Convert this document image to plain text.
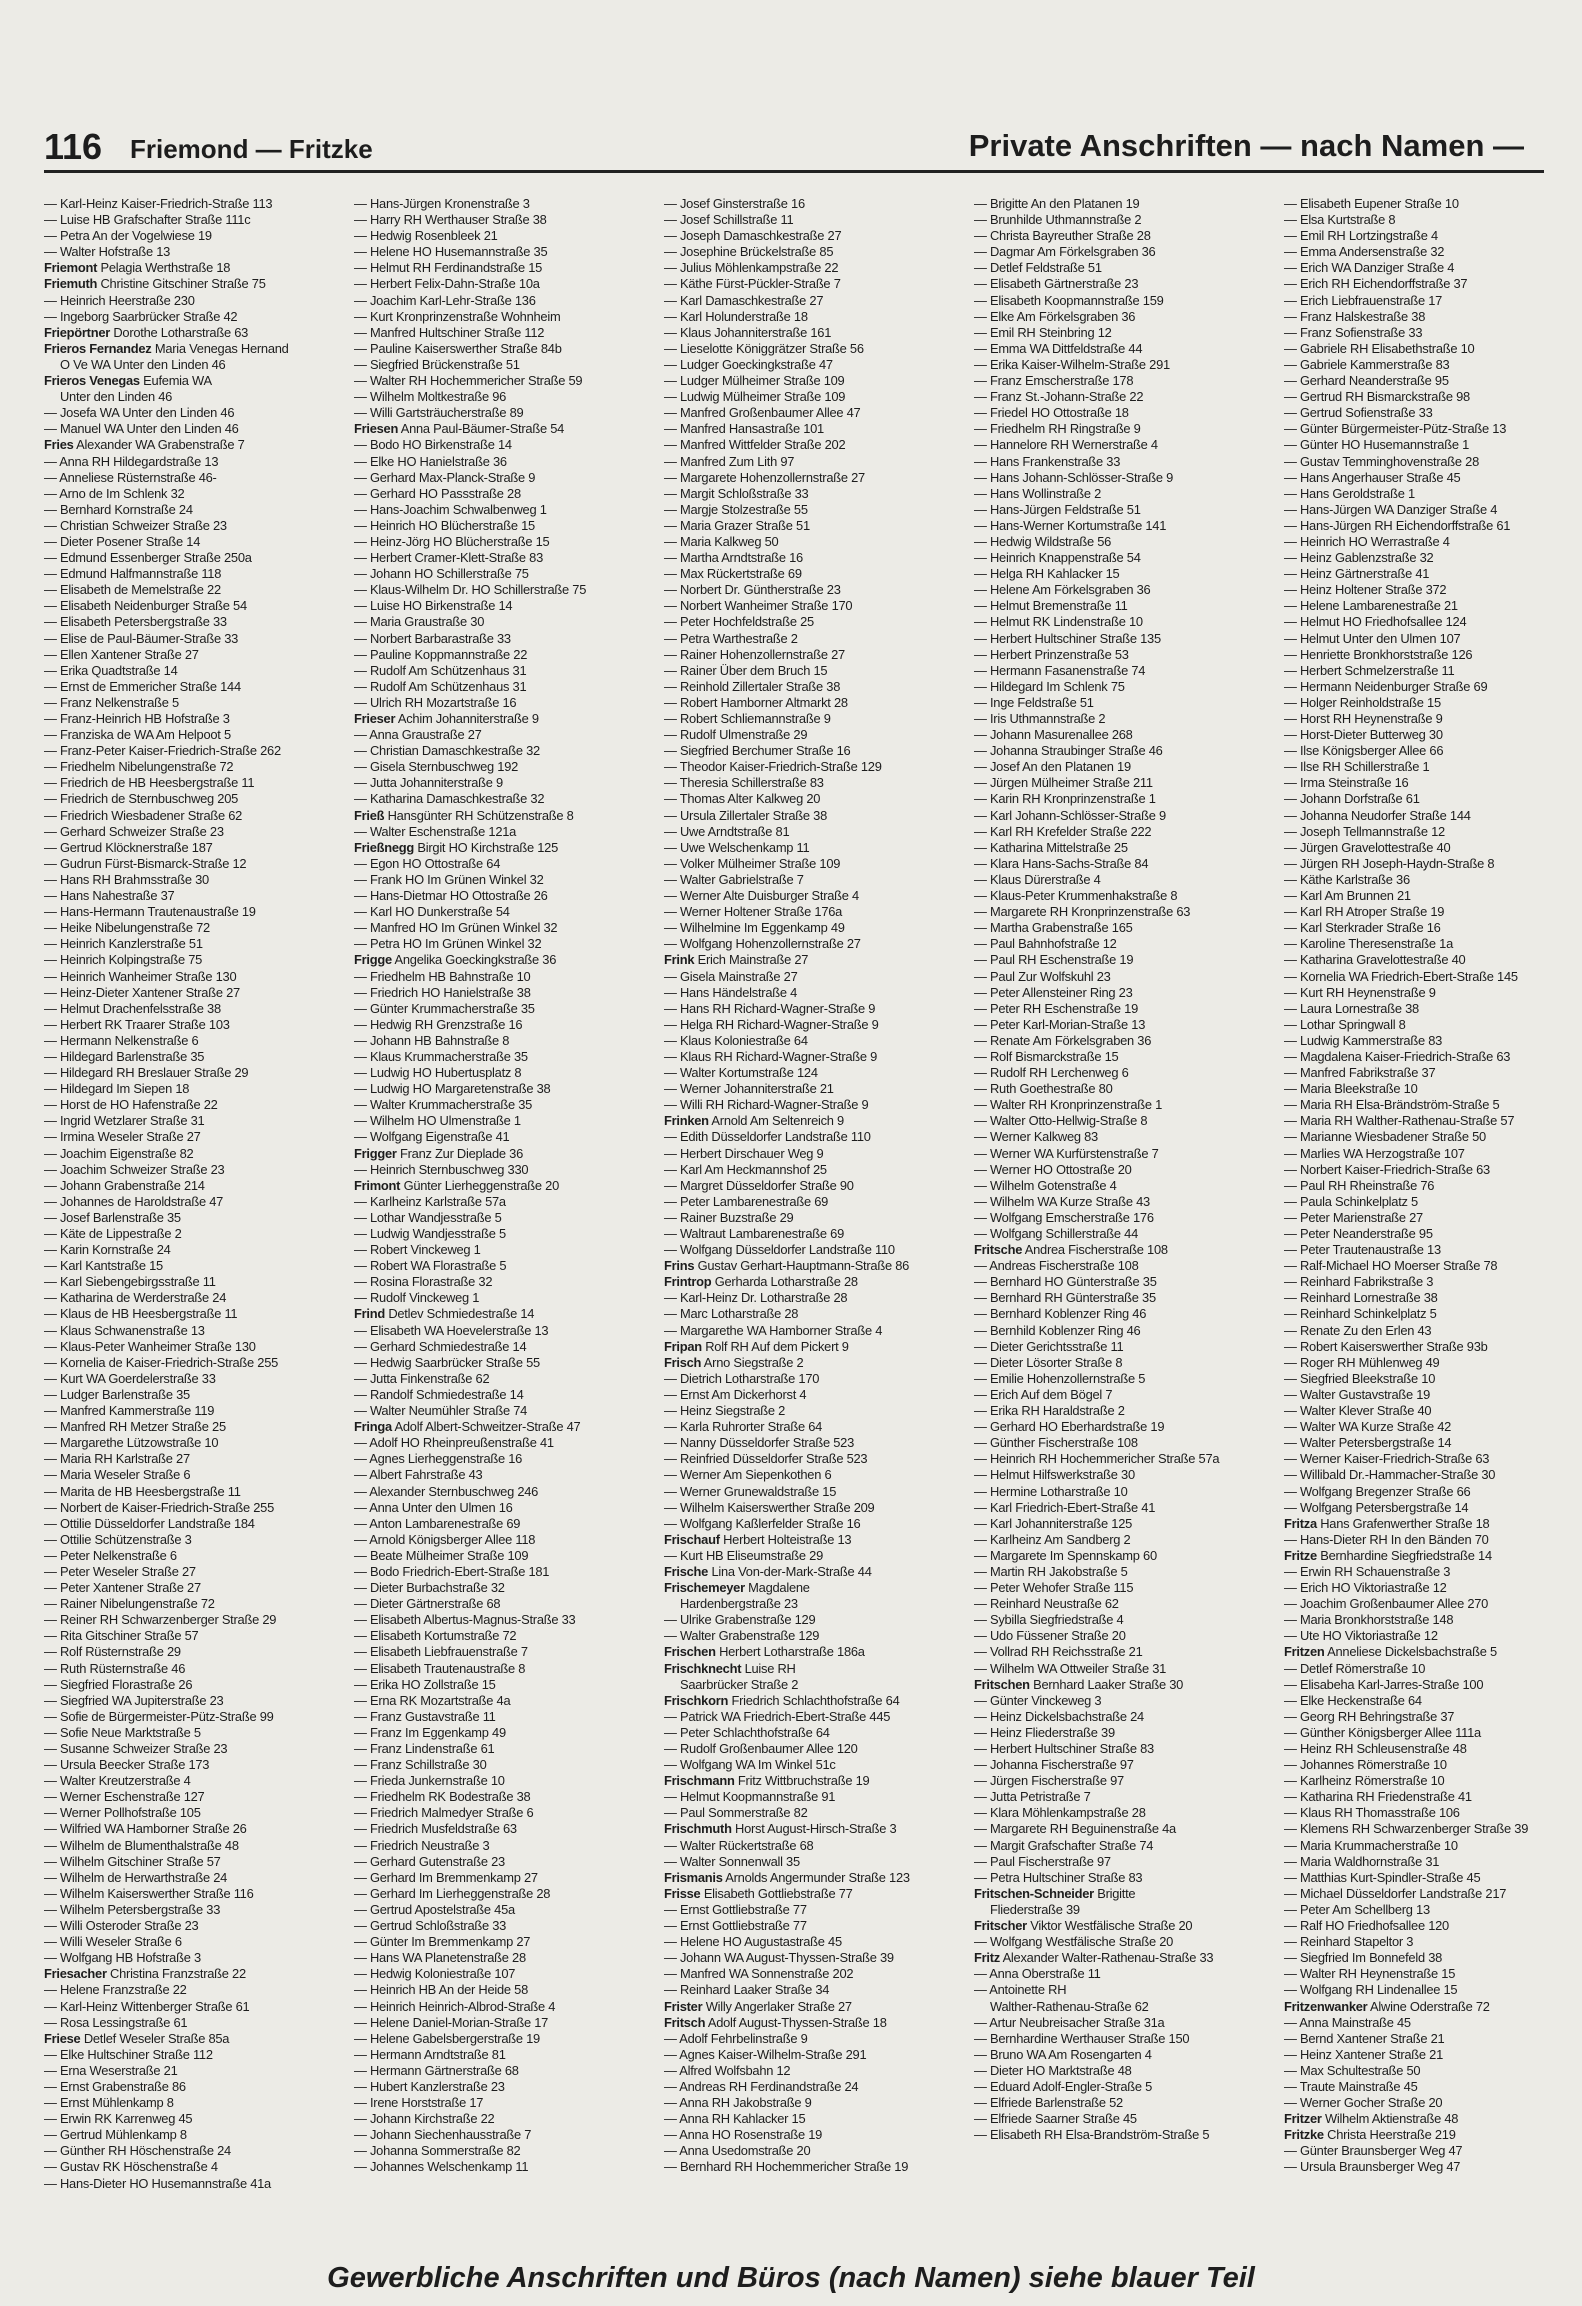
116 Friemond — Fritzke	Private Anschriften — nach Namen —
— Karl-Heinz Kaiser-Friedrich-Straße 113
— Luise HB Grafschafter Straße 111c
— Petra An der Vogelwiese 19
— Walter Hofstraße 13
Friemont Pelagia Werthstraße 18
Friemuth Christine Gitschiner Straße 75
— Heinrich Heerstraße 230
— Ingeborg Saarbrücker Straße 42
Friepörtner Dorothe Lotharstraße 63
Frieros Fernandez Maria Venegas Hernand
O Ve WA Unter den Linden 46
Frieros Venegas Eufemia WA
Unter den Linden 46
— Josefa WA Unter den Linden 46
— Manuel WA Unter den Linden 46
Fries Alexander WA Grabenstraße 7
— Anna RH Hildegardstraße 13
— Anneliese Rüsternstraße 46-
— Arno de Im Schlenk 32
— Bernhard Kornstraße 24
— Christian Schweizer Straße 23
— Dieter Posener Straße 14
— Edmund Essenberger Straße 250a
— Edmund Halfmannstraße 118
— Elisabeth de Memelstraße 22
— Elisabeth Neidenburger Straße 54
— Elisabeth Petersbergstraße 33
— Elise de Paul-Bäumer-Straße 33
— Ellen Xantener Straße 27
— Erika Quadtstraße 14
— Ernst de Emmericher Straße 144
— Franz Nelkenstraße 5
— Franz-Heinrich HB Hofstraße 3
— Franziska de WA Am Helpoot 5
— Franz-Peter Kaiser-Friedrich-Straße 262
— Friedhelm Nibelungenstraße 72
— Friedrich de HB Heesbergstraße 11
— Friedrich de Sternbuschweg 205
— Friedrich Wiesbadener Straße 62
— Gerhard Schweizer Straße 23
— Gertrud Klöcknerstraße 187
— Gudrun Fürst-Bismarck-Straße 12
— Hans RH Brahmsstraße 30
— Hans Nahestraße 37
— Hans-Hermann Trautenaustraße 19
— Heike Nibelungenstraße 72
— Heinrich Kanzlerstraße 51
— Heinrich Kolpingstraße 75
— Heinrich Wanheimer Straße 130
— Heinz-Dieter Xantener Straße 27
— Helmut Drachenfelsstraße 38
— Herbert RK Traarer Straße 103
— Hermann Nelkenstraße 6
— Hildegard Barlenstraße 35
— Hildegard RH Breslauer Straße 29
— Hildegard Im Siepen 18
— Horst de HO Hafenstraße 22
— Ingrid Wetzlarer Straße 31
— Irmina Weseler Straße 27
— Joachim Eigenstraße 82
— Joachim Schweizer Straße 23
— Johann Grabenstraße 214
— Johannes de Haroldstraße 47
— Josef Barlenstraße 35
— Käte de Lippestraße 2
— Karin Kornstraße 24
— Karl Kantstraße 15
— Karl Siebengebirgsstraße 11
— Katharina de Werderstraße 24
— Klaus de HB Heesbergstraße 11
— Klaus Schwanenstraße 13
— Klaus-Peter Wanheimer Straße 130
— Kornelia de Kaiser-Friedrich-Straße 255
— Kurt WA Goerdelerstraße 33
— Ludger Barlenstraße 35
— Manfred Kammerstraße 119
— Manfred RH Metzer Straße 25
— Margarethe Lützowstraße 10
— Maria RH Karlstraße 27
— Maria Weseler Straße 6
— Marita de HB Heesbergstraße 11
— Norbert de Kaiser-Friedrich-Straße 255
— Ottilie Düsseldorfer Landstraße 184
— Ottilie Schützenstraße 3
— Peter Nelkenstraße 6
— Peter Weseler Straße 27
— Peter Xantener Straße 27
— Rainer Nibelungenstraße 72
— Reiner RH Schwarzenberger Straße 29
— Rita Gitschiner Straße 57
— Rolf Rüsternstraße 29
— Ruth Rüsternstraße 46
— Siegfried Florastraße 26
— Siegfried WA Jupiterstraße 23
— Sofie de Bürgermeister-Pütz-Straße 99
— Sofie Neue Marktstraße 5
— Susanne Schweizer Straße 23
— Ursula Beecker Straße 173
— Walter Kreutzerstraße 4
— Werner Eschenstraße 127
— Werner Pollhofstraße 105
— Wilfried WA Hamborner Straße 26
— Wilhelm de Blumenthalstraße 48
— Wilhelm Gitschiner Straße 57
— Wilhelm de Herwarthstraße 24
— Wilhelm Kaiserswerther Straße 116
— Wilhelm Petersbergstraße 33
— Willi Osteroder Straße 23
— Willi Weseler Straße 6
— Wolfgang HB Hofstraße 3
Friesacher Christina Franzstraße 22
— Helene Franzstraße 22
— Karl-Heinz Wittenberger Straße 61
— Rosa Lessingstraße 61
Friese Detlef Weseler Straße 85a
— Elke Hultschiner Straße 112
— Erna Weserstraße 21
— Ernst Grabenstraße 86
— Ernst Mühlenkamp 8
— Erwin RK Karrenweg 45
— Gertrud Mühlenkamp 8
— Günther RH Höschenstraße 24
— Gustav RK Höschenstraße 4
— Hans-Dieter HO Husemannstraße 41a
— Hans-Jürgen Kronenstraße 3
— Harry RH Werthauser Straße 38
— Hedwig Rosenbleek 21
— Helene HO Husemannstraße 35
— Helmut RH Ferdinandstraße 15
— Herbert Felix-Dahn-Straße 10a
— Joachim Karl-Lehr-Straße 136
— Kurt Kronprinzenstraße Wohnheim
— Manfred Hultschiner Straße 112
— Pauline Kaiserswerther Straße 84b
— Siegfried Brückenstraße 51
— Walter RH Hochemmericher Straße 59
— Wilhelm Moltkestraße 96
— Willi Gartsträucherstraße 89
Friesen Anna Paul-Bäumer-Straße 54
— Bodo HO Birkenstraße 14
— Elke HO Hanielstraße 36
— Gerhard Max-Planck-Straße 9
— Gerhard HO Passstraße 28
— Hans-Joachim Schwalbenweg 1
— Heinrich HO Blücherstraße 15
— Heinz-Jörg HO Blücherstraße 15
— Herbert Cramer-Klett-Straße 83
— Johann HO Schillerstraße 75
— Klaus-Wilhelm Dr. HO Schillerstraße 75
— Luise HO Birkenstraße 14
— Maria Graustraße 30
— Norbert Barbarastraße 33
— Pauline Koppmannstraße 22
— Rudolf Am Schützenhaus 31
— Rudolf Am Schützenhaus 31
— Ulrich RH Mozartstraße 16
Frieser Achim Johanniterstraße 9
— Anna Graustraße 27
— Christian Damaschkestraße 32
— Gisela Sternbuschweg 192
— Jutta Johanniterstraße 9
— Katharina Damaschkestraße 32
Frieß Hansgünter RH Schützenstraße 8
— Walter Eschenstraße 121a
Frießnegg Birgit HO Kirchstraße 125
— Egon HO Ottostraße 64
— Frank HO Im Grünen Winkel 32
— Hans-Dietmar HO Ottostraße 26
— Karl HO Dunkerstraße 54
— Manfred HO Im Grünen Winkel 32
— Petra HO Im Grünen Winkel 32
Frigge Angelika Goeckingkstraße 36
— Friedhelm HB Bahnstraße 10
— Friedrich HO Hanielstraße 38
— Günter Krummacherstraße 35
— Hedwig RH Grenzstraße 16
— Johann HB Bahnstraße 8
— Klaus Krummacherstraße 35
— Ludwig HO Hubertusplatz 8
— Ludwig HO Margaretenstraße 38
— Walter Krummacherstraße 35
— Wilhelm HO Ulmenstraße 1
— Wolfgang Eigenstraße 41
Frigger Franz Zur Dieplade 36
— Heinrich Sternbuschweg 330
Frimont Günter Lierheggenstraße 20
— Karlheinz Karlstraße 57a
— Lothar Wandjesstraße 5
— Ludwig Wandjesstraße 5
— Robert Vinckeweg 1
— Robert WA Florastraße 5
— Rosina Florastraße 32
— Rudolf Vinckeweg 1
Frind Detlev Schmiedestraße 14
— Elisabeth WA Hoevelerstraße 13
— Gerhard Schmiedestraße 14
— Hedwig Saarbrücker Straße 55
— Jutta Finkenstraße 62
— Randolf Schmiedestraße 14
— Walter Neumühler Straße 74
Fringa Adolf Albert-Schweitzer-Straße 47
— Adolf HO Rheinpreußenstraße 41
— Agnes Lierheggenstraße 16
— Albert Fahrstraße 43
— Alexander Sternbuschweg 246
— Anna Unter den Ulmen 16
— Anton Lambarenestraße 69
— Arnold Königsberger Allee 118
— Beate Mülheimer Straße 109
— Bodo Friedrich-Ebert-Straße 181
— Dieter Burbachstraße 32
— Dieter Gärtnerstraße 68
— Elisabeth Albertus-Magnus-Straße 33
— Elisabeth Kortumstraße 72
— Elisabeth Liebfrauenstraße 7
— Elisabeth Trautenaustraße 8
— Erika HO Zollstraße 15
— Erna RK Mozartstraße 4a
— Franz Gustavstraße 11
— Franz Im Eggenkamp 49
— Franz Lindenstraße 61
— Franz Schillstraße 30
— Frieda Junkernstraße 10
— Friedhelm RK Bodestraße 38
— Friedrich Malmedyer Straße 6
— Friedrich Musfeldstraße 63
— Friedrich Neustraße 3
— Gerhard Gutenstraße 23
— Gerhard Im Bremmenkamp 27
— Gerhard Im Lierheggenstraße 28
— Gertrud Apostelstraße 45a
— Gertrud Schloßstraße 33
— Günter Im Bremmenkamp 27
— Hans WA Planetenstraße 28
— Hedwig Koloniestraße 107
— Heinrich HB An der Heide 58
— Heinrich Heinrich-Albrod-Straße 4
— Helene Daniel-Morian-Straße 17
— Helene Gabelsbergerstraße 19
— Hermann Arndtstraße 81
— Hermann Gärtnerstraße 68
— Hubert Kanzlerstraße 23
— Irene Horststraße 17
— Johann Kirchstraße 22
— Johann Siechenhausstraße 7
— Johanna Sommerstraße 82
— Johannes Welschenkamp 11
— Josef Ginsterstraße 16
— Josef Schillstraße 11
— Joseph Damaschkestraße 27
— Josephine Brückelstraße 85
— Julius Möhlenkampstraße 22
— Käthe Fürst-Pückler-Straße 7
— Karl Damaschkestraße 27
— Karl Holunderstraße 18
— Klaus Johanniterstraße 161
— Lieselotte Königgrätzer Straße 56
— Ludger Goeckingkstraße 47
— Ludger Mülheimer Straße 109
— Ludwig Mülheimer Straße 109
— Manfred Großenbaumer Allee 47
— Manfred Hansastraße 101
— Manfred Wittfelder Straße 202
— Manfred Zum Lith 97
— Margarete Hohenzollernstraße 27
— Margit Schloßstraße 33
— Margje Stolzestraße 55
— Maria Grazer Straße 51
— Maria Kalkweg 50
— Martha Arndtstraße 16
— Max Rückertstraße 69
— Norbert Dr. Güntherstraße 23
— Norbert Wanheimer Straße 170
— Peter Hochfeldstraße 25
— Petra Warthestraße 2
— Rainer Hohenzollernstraße 27
— Rainer Über dem Bruch 15
— Reinhold Zillertaler Straße 38
— Robert Hamborner Altmarkt 28
— Robert Schliemannstraße 9
— Rudolf Ulmenstraße 29
— Siegfried Berchumer Straße 16
— Theodor Kaiser-Friedrich-Straße 129
— Theresia Schillerstraße 83
— Thomas Alter Kalkweg 20
— Ursula Zillertaler Straße 38
— Uwe Arndtstraße 81
— Uwe Welschenkamp 11
— Volker Mülheimer Straße 109
— Walter Gabrielstraße 7
— Werner Alte Duisburger Straße 4
— Werner Holtener Straße 176a
— Wilhelmine Im Eggenkamp 49
— Wolfgang Hohenzollernstraße 27
Frink Erich Mainstraße 27
— Gisela Mainstraße 27
— Hans Händelstraße 4
— Hans RH Richard-Wagner-Straße 9
— Helga RH Richard-Wagner-Straße 9
— Klaus Koloniestraße 64
— Klaus RH Richard-Wagner-Straße 9
— Walter Kortumstraße 124
— Werner Johanniterstraße 21
— Willi RH Richard-Wagner-Straße 9
Frinken Arnold Am Seltenreich 9
— Edith Düsseldorfer Landstraße 110
— Herbert Dirschauer Weg 9
— Karl Am Heckmannshof 25
— Margret Düsseldorfer Straße 90
— Peter Lambarenestraße 69
— Rainer Buzstraße 29
— Waltraut Lambarenestraße 69
— Wolfgang Düsseldorfer Landstraße 110
Frins Gustav Gerhart-Hauptmann-Straße 86
Frintrop Gerharda Lotharstraße 28
— Karl-Heinz Dr. Lotharstraße 28
— Marc Lotharstraße 28
— Margarethe WA Hamborner Straße 4
Fripan Rolf RH Auf dem Pickert 9
Frisch Arno Siegstraße 2
— Dietrich Lotharstraße 170
— Ernst Am Dickerhorst 4
— Heinz Siegstraße 2
— Karla Ruhrorter Straße 64
— Nanny Düsseldorfer Straße 523
— Reinfried Düsseldorfer Straße 523
— Werner Am Siepenkothen 6
— Werner Grunewaldstraße 15
— Wilhelm Kaiserswerther Straße 209
— Wolfgang Kaßlerfelder Straße 16
Frischauf Herbert Holteistraße 13
— Kurt HB Eliseumstraße 29
Frische Lina Von-der-Mark-Straße 44
Frischemeyer Magdalene
Hardenbergstraße 23
— Ulrike Grabenstraße 129
— Walter Grabenstraße 129
Frischen Herbert Lotharstraße 186a
Frischknecht Luise RH
Saarbrücker Straße 2
Frischkorn Friedrich Schlachthofstraße 64
— Patrick WA Friedrich-Ebert-Straße 445
— Peter Schlachthofstraße 64
— Rudolf Großenbaumer Allee 120
— Wolfgang WA Im Winkel 51c
Frischmann Fritz Wittbruchstraße 19
— Helmut Koopmannstraße 91
— Paul Sommerstraße 82
Frischmuth Horst August-Hirsch-Straße 3
— Walter Rückertstraße 68
— Walter Sonnenwall 35
Frismanis Arnolds Angermunder Straße 123
Frisse Elisabeth Gottliebstraße 77
— Ernst Gottliebstraße 77
— Ernst Gottliebstraße 77
— Helene HO Augustastraße 45
— Johann WA August-Thyssen-Straße 39
— Manfred WA Sonnenstraße 202
— Reinhard Laaker Straße 34
Frister Willy Angerlaker Straße 27
Fritsch Adolf August-Thyssen-Straße 18
— Adolf Fehrbelinstraße 9
— Agnes Kaiser-Wilhelm-Straße 291
— Alfred Wolfsbahn 12
— Andreas RH Ferdinandstraße 24
— Anna RH Jakobstraße 9
— Anna RH Kahlacker 15
— Anna HO Rosenstraße 19
— Anna Usedomstraße 20
— Bernhard RH Hochemmericher Straße 19
— Brigitte An den Platanen 19
— Brunhilde Uthmannstraße 2
— Christa Bayreuther Straße 28
— Dagmar Am Förkelsgraben 36
— Detlef Feldstraße 51
— Elisabeth Gärtnerstraße 23
— Elisabeth Koopmannstraße 159
— Elke Am Förkelsgraben 36
— Emil RH Steinbring 12
— Emma WA Dittfeldstraße 44
— Erika Kaiser-Wilhelm-Straße 291
— Franz Emscherstraße 178
— Franz St.-Johann-Straße 22
— Friedel HO Ottostraße 18
— Friedhelm RH Ringstraße 9
— Hannelore RH Wernerstraße 4
— Hans Frankenstraße 33
— Hans Johann-Schlösser-Straße 9
— Hans Wollinstraße 2
— Hans-Jürgen Feldstraße 51
— Hans-Werner Kortumstraße 141
— Hedwig Wildstraße 56
— Heinrich Knappenstraße 54
— Helga RH Kahlacker 15
— Helene Am Förkelsgraben 36
— Helmut Bremenstraße 11
— Helmut RK Lindenstraße 10
— Herbert Hultschiner Straße 135
— Herbert Prinzenstraße 53
— Hermann Fasanenstraße 74
— Hildegard Im Schlenk 75
— Inge Feldstraße 51
— Iris Uthmannstraße 2
— Johann Masurenallee 268
— Johanna Straubinger Straße 46
— Josef An den Platanen 19
— Jürgen Mülheimer Straße 211
— Karin RH Kronprinzenstraße 1
— Karl Johann-Schlösser-Straße 9
— Karl RH Krefelder Straße 222
— Katharina Mittelstraße 25
— Klara Hans-Sachs-Straße 84
— Klaus Dürerstraße 4
— Klaus-Peter Krummenhakstraße 8
— Margarete RH Kronprinzenstraße 63
— Martha Grabenstraße 165
— Paul Bahnhofstraße 12
— Paul RH Eschenstraße 19
— Paul Zur Wolfskuhl 23
— Peter Allensteiner Ring 23
— Peter RH Eschenstraße 19
— Peter Karl-Morian-Straße 13
— Renate Am Förkelsgraben 36
— Rolf Bismarckstraße 15
— Rudolf RH Lerchenweg 6
— Ruth Goethestraße 80
— Walter RH Kronprinzenstraße 1
— Walter Otto-Hellwig-Straße 8
— Werner Kalkweg 83
— Werner WA Kurfürstenstraße 7
— Werner HO Ottostraße 20
— Wilhelm Gotenstraße 4
— Wilhelm WA Kurze Straße 43
— Wolfgang Emscherstraße 176
— Wolfgang Schillerstraße 44
Fritsche Andrea Fischerstraße 108
— Andreas Fischerstraße 108
— Bernhard HO Günterstraße 35
— Bernhard RH Günterstraße 35
— Bernhard Koblenzer Ring 46
— Bernhild Koblenzer Ring 46
— Dieter Gerichtsstraße 11
— Dieter Lösorter Straße 8
— Emilie Hohenzollernstraße 5
— Erich Auf dem Bögel 7
— Erika RH Haraldstraße 2
— Gerhard HO Eberhardstraße 19
— Günther Fischerstraße 108
— Heinrich RH Hochemmericher Straße 57a
— Helmut Hilfswerkstraße 30
— Hermine Lotharstraße 10
— Karl Friedrich-Ebert-Straße 41
— Karl Johanniterstraße 125
— Karlheinz Am Sandberg 2
— Margarete Im Spennskamp 60
— Martin RH Jakobstraße 5
— Peter Wehofer Straße 115
— Reinhard Neustraße 62
— Sybilla Siegfriedstraße 4
— Udo Füssener Straße 20
— Vollrad RH Reichsstraße 21
— Wilhelm WA Ottweiler Straße 31
Fritschen Bernhard Laaker Straße 30
— Günter Vinckeweg 3
— Heinz Dickelsbachstraße 24
— Heinz Fliederstraße 39
— Herbert Hultschiner Straße 83
— Johanna Fischerstraße 97
— Jürgen Fischerstraße 97
— Jutta Petristraße 7
— Klara Möhlenkampstraße 28
— Margarete RH Beguinenstraße 4a
— Margit Grafschafter Straße 74
— Paul Fischerstraße 97
— Petra Hultschiner Straße 83
Fritschen-Schneider Brigitte
Fliederstraße 39
Fritscher Viktor Westfälische Straße 20
— Wolfgang Westfälische Straße 20
Fritz Alexander Walter-Rathenau-Straße 33
— Anna Oberstraße 11
— Antoinette RH
Walther-Rathenau-Straße 62
— Artur Neubreisacher Straße 31a
— Bernhardine Werthauser Straße 150
— Bruno WA Am Rosengarten 4
— Dieter HO Marktstraße 48
— Eduard Adolf-Engler-Straße 5
— Elfriede Barlenstraße 52
— Elfriede Saarner Straße 45
— Elisabeth RH Elsa-Brandström-Straße 5
— Elisabeth Eupener Straße 10
— Elsa Kurtstraße 8
— Emil RH Lortzingstraße 4
— Emma Andersenstraße 32
— Erich WA Danziger Straße 4
— Erich RH Eichendorffstraße 37
— Erich Liebfrauenstraße 17
— Franz Halskestraße 38
— Franz Sofienstraße 33
— Gabriele RH Elisabethstraße 10
— Gabriele Kammerstraße 83
— Gerhard Neanderstraße 95
— Gertrud RH Bismarckstraße 98
— Gertrud Sofienstraße 33
— Günter Bürgermeister-Pütz-Straße 13
— Günter HO Husemannstraße 1
— Gustav Temminghovenstraße 28
— Hans Angerhauser Straße 45
— Hans Geroldstraße 1
— Hans-Jürgen WA Danziger Straße 4
— Hans-Jürgen RH Eichendorffstraße 61
— Heinrich HO Werrastraße 4
— Heinz Gablenzstraße 32
— Heinz Gärtnerstraße 41
— Heinz Holtener Straße 372
— Helene Lambarenestraße 21
— Helmut HO Friedhofsallee 124
— Helmut Unter den Ulmen 107
— Henriette Bronkhorststraße 126
— Herbert Schmelzerstraße 11
— Hermann Neidenburger Straße 69
— Holger Reinholdstraße 15
— Horst RH Heynenstraße 9
— Horst-Dieter Butterweg 30
— Ilse Königsberger Allee 66
— Ilse RH Schillerstraße 1
— Irma Steinstraße 16
— Johann Dorfstraße 61
— Johanna Neudorfer Straße 144
— Joseph Tellmannstraße 12
— Jürgen Gravelottestraße 40
— Jürgen RH Joseph-Haydn-Straße 8
— Käthe Karlstraße 36
— Karl Am Brunnen 21
— Karl RH Atroper Straße 19
— Karl Sterkrader Straße 16
— Karoline Theresenstraße 1a
— Katharina Gravelottestraße 40
— Kornelia WA Friedrich-Ebert-Straße 145
— Kurt RH Heynenstraße 9
— Laura Lornestraße 38
— Lothar Springwall 8
— Ludwig Kammerstraße 83
— Magdalena Kaiser-Friedrich-Straße 63
— Manfred Fabrikstraße 37
— Maria Bleekstraße 10
— Maria RH Elsa-Brändström-Straße 5
— Maria RH Walther-Rathenau-Straße 57
— Marianne Wiesbadener Straße 50
— Marlies WA Herzogstraße 107
— Norbert Kaiser-Friedrich-Straße 63
— Paul RH Rheinstraße 76
— Paula Schinkelplatz 5
— Peter Marienstraße 27
— Peter Neanderstraße 95
— Peter Trautenaustraße 13
— Ralf-Michael HO Moerser Straße 78
— Reinhard Fabrikstraße 3
— Reinhard Lornestraße 38
— Reinhard Schinkelplatz 5
— Renate Zu den Erlen 43
— Robert Kaiserswerther Straße 93b
— Roger RH Mühlenweg 49
— Siegfried Bleekstraße 10
— Walter Gustavstraße 19
— Walter Klever Straße 40
— Walter WA Kurze Straße 42
— Walter Petersbergstraße 14
— Werner Kaiser-Friedrich-Straße 63
— Willibald Dr.-Hammacher-Straße 30
— Wolfgang Bregenzer Straße 66
— Wolfgang Petersbergstraße 14
Fritza Hans Grafenwerther Straße 18
— Hans-Dieter RH In den Bänden 70
Fritze Bernhardine Siegfriedstraße 14
— Erwin RH Schauenstraße 3
— Erich HO Viktoriastraße 12
— Joachim Großenbaumer Allee 270
— Maria Bronkhorststraße 148
— Ute HO Viktoriastraße 12
Fritzen Anneliese Dickelsbachstraße 5
— Detlef Römerstraße 10
— Elisabeha Karl-Jarres-Straße 100
— Elke Heckenstraße 64
— Georg RH Behringstraße 37
— Günther Königsberger Allee 111a
— Heinz RH Schleusenstraße 48
— Johannes Römerstraße 10
— Karlheinz Römerstraße 10
— Katharina RH Friedenstraße 41
— Klaus RH Thomasstraße 106
— Klemens RH Schwarzenberger Straße 39
— Maria Krummacherstraße 10
— Maria Waldhornstraße 31
— Matthias Kurt-Spindler-Straße 45
— Michael Düsseldorfer Landstraße 217
— Peter Am Schellberg 13
— Ralf HO Friedhofsallee 120
— Reinhard Stapeltor 3
— Siegfried Im Bonnefeld 38
— Walter RH Heynenstraße 15
— Wolfgang RH Lindenallee 15
Fritzenwanker Alwine Oderstraße 72
— Anna Mainstraße 45
— Bernd Xantener Straße 21
— Heinz Xantener Straße 21
— Max Schultestraße 50
— Traute Mainstraße 45
— Werner Gocher Straße 20
Fritzer Wilhelm Aktienstraße 48
Fritzke Christa Heerstraße 219
— Günter Braunsberger Weg 47
— Ursula Braunsberger Weg 47
Gewerbliche Anschriften und Büros (nach Namen) siehe blauer Teil
